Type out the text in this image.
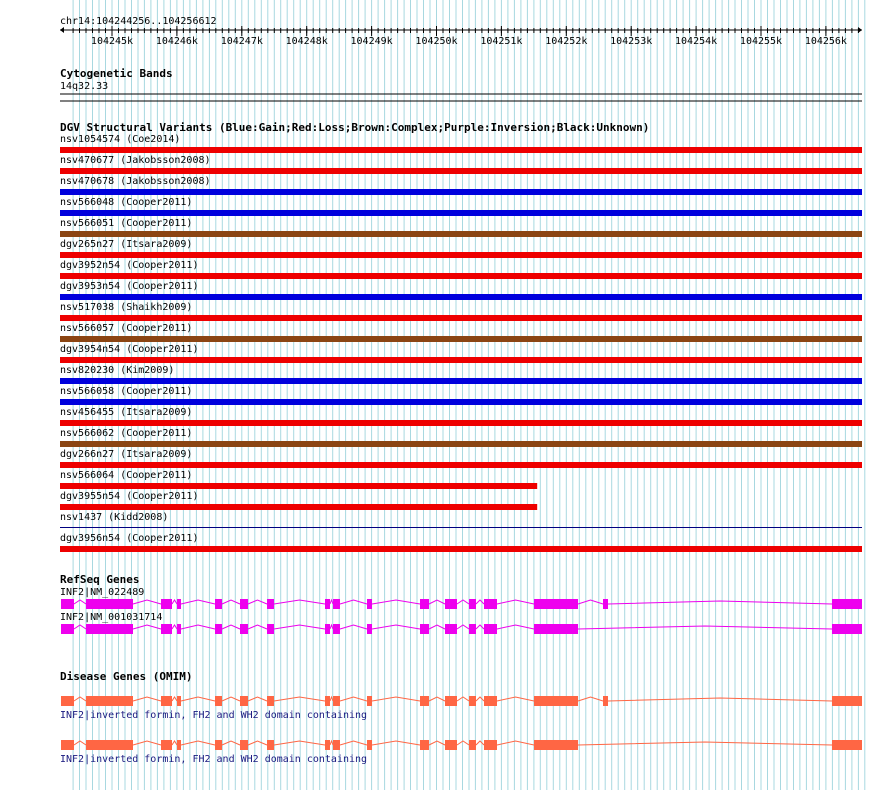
104245k 104246k 104247k 104248k 104249k 104250k 104251k 104252k 104253k 104254k 104255k 104256k
chr14:104244256..104256612
Cytogenetic Bands
14q32.33
DGV Structural Variants (Blue:Gain;Red:Loss;Brown:Complex;Purple:Inversion;Black:Unknown)
nsv1054574 (Coe2014)
nsv470677 (Jakobsson2008)
nsv470678 (Jakobsson2008)
nsv566048 (Cooper2011)
nsv566051 (Cooper2011)
dgv265n27 (Itsara2009)
dgv3952n54 (Cooper2011)
dgv3953n54 (Cooper2011)
nsv517038 (Shaikh2009)
nsv566057 (Cooper2011)
dgv3954n54 (Cooper2011)
nsv820230 (Kim2009)
nsv566058 (Cooper2011)
nsv456455 (Itsara2009)
nsv566062 (Cooper2011)
dgv266n27 (Itsara2009)
nsv566064 (Cooper2011)
dgv3955n54 (Cooper2011)
nsv1437 (Kidd2008)
dgv3956n54 (Cooper2011)
RefSeq Genes
INF2|NM_022489
INF2|NM_001031714
Disease Genes (OMIM)
INF2|inverted formin, FH2 and WH2 domain containing
INF2|inverted formin, FH2 and WH2 domain containing
